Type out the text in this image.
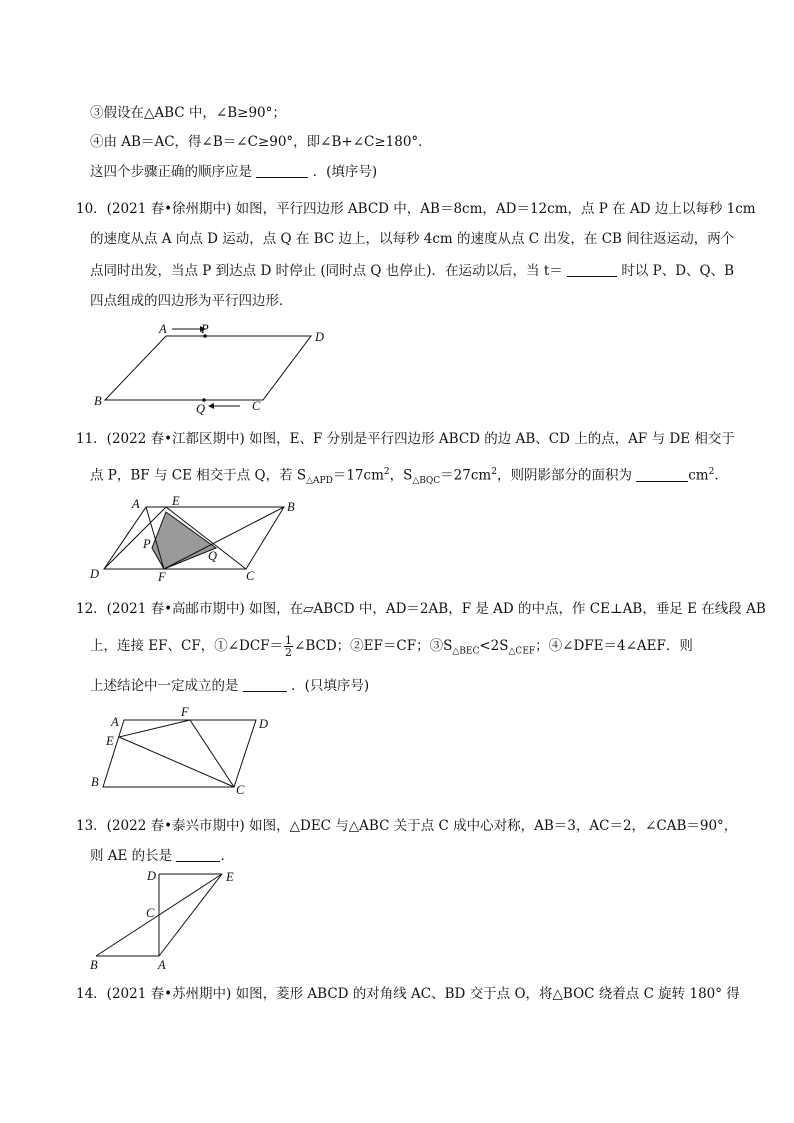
③假设在△ABC 中，∠B≥90°；
④由 AB＝AC，得∠B＝∠C≥90°，即∠B+∠C≥180°．
这四个步骤正确的顺序应是	．(填序号)
10．(2021 春•徐州期中) 如图，平行四边形 ABCD 中，AB＝8cm，AD＝12cm，点 P 在 AD 边上以每秒 1cm
的速度从点 A 向点 D 运动，点 Q 在 BC 边上，以每秒 4cm 的速度从点 C 出发，在 CB 间往返运动，两个
点同时出发，当点 P 到达点 D 时停止 (同时点 Q 也停止)．在运动以后，当 t＝	时以 P、D、Q、B
四点组成的四边形为平行四边形．
A	P
D
B
Q	C
A	E	B
P
Q
D	F	C
A
F
D
E
B
C
D	E
C
B	A
11．(2022 春•江都区期中) 如图，E、F 分别是平行四边形 ABCD 的边 AB、CD 上的点，AF 与 DE 相交于
点 P，BF 与 CE 相交于点 Q，若 $S_{\triangle APD}=17cm^2$，$S_{\triangle BQC}=27cm^2$，则阴影部分的面积为	$cm^2$.
12．(2021 春•高邮市期中) 如图，在▱ABCD 中，AD＝2AB，F 是 AD 的中点，作 CE⊥AB，垂足 E 在线段 AB
上，连接 EF、CF，①∠DCF＝ $\frac{1}{2}$ ∠BCD；②EF＝CF；$③S_{\triangle BEC}<2S_{\triangle CEF}$；④∠DFE＝4∠AEF．则
上述结论中一定成立的是	．(只填序号)
13．(2022 春•泰兴市期中) 如图，△DEC 与△ABC 关于点 C 成中心对称，AB＝3，AC＝2，∠CAB＝90°，
则 AE 的长是	．
14．(2021 春•苏州期中) 如图，菱形 ABCD 的对角线 AC、BD 交于点 O，将△BOC 绕着点 C 旋转 180° 得
